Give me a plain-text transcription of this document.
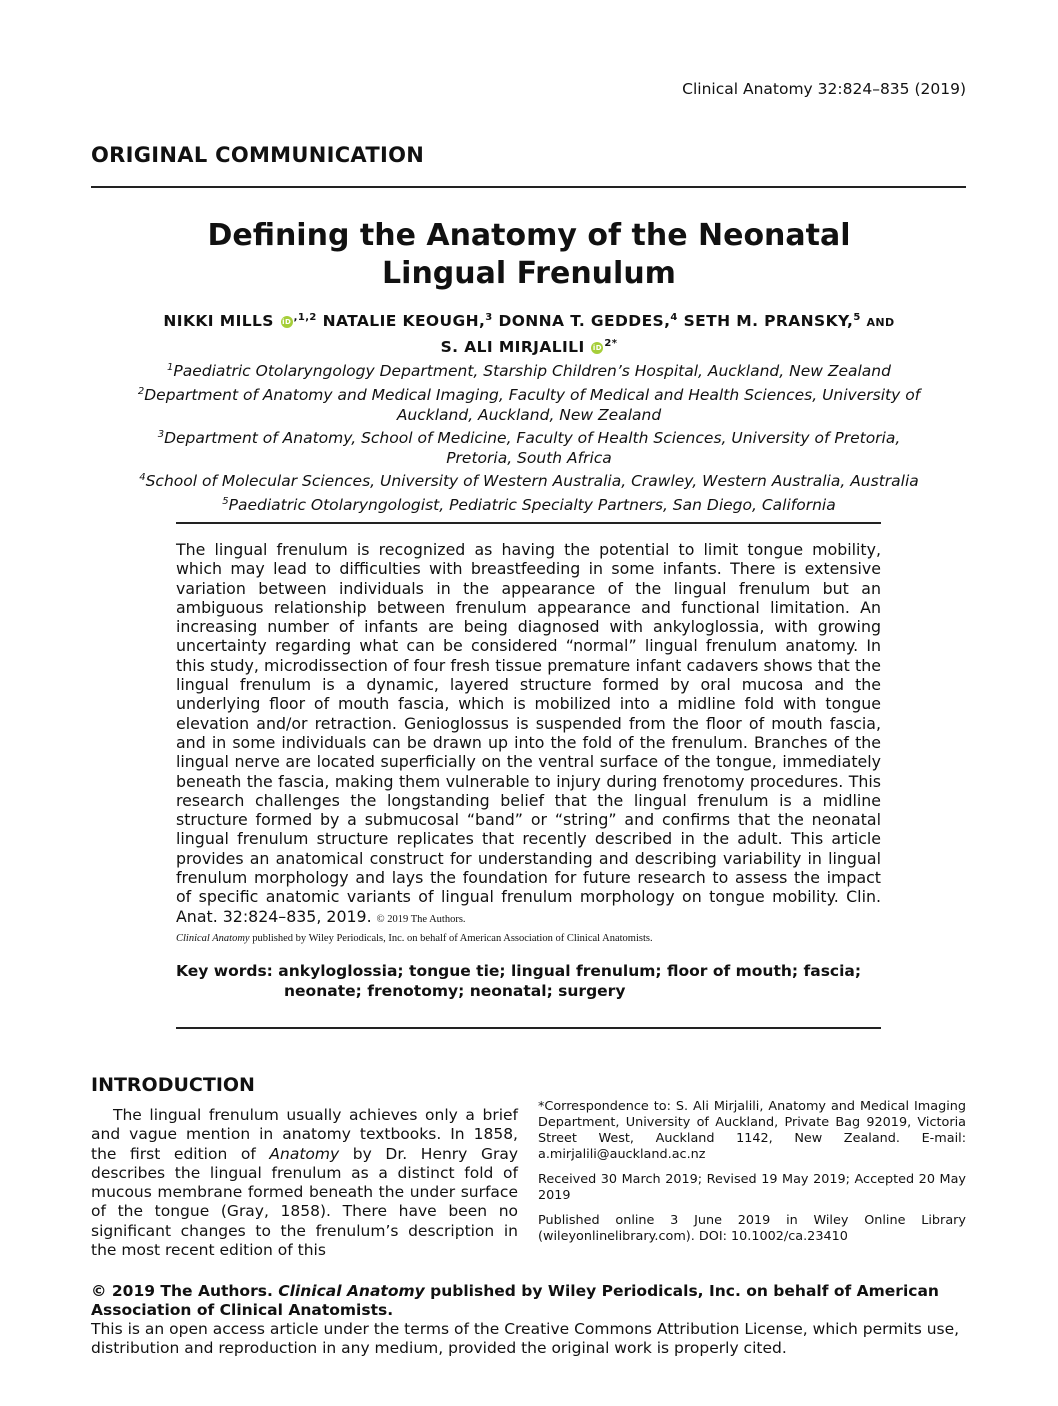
Clinical Anatomy 32:824–835 (2019)
ORIGINAL COMMUNICATION
Defining the Anatomy of the Neonatal
Lingual Frenulum
NIKKI MILLS iD $^{,1,2}$ NATALIE KEOUGH,$^3$ DONNA T. GEDDES,$^4$ SETH M. PRANSKY,$^5$ AND
S. ALI MIRJALILI iD $^{2*}$
$^1$Paediatric Otolaryngology Department, Starship Children’s Hospital, Auckland, New Zealand
$^2$Department of Anatomy and Medical Imaging, Faculty of Medical and Health Sciences, University of Auckland, Auckland, New Zealand
$^3$Department of Anatomy, School of Medicine, Faculty of Health Sciences, University of Pretoria, Pretoria, South Africa
$^4$School of Molecular Sciences, University of Western Australia, Crawley, Western Australia, Australia
$^5$Paediatric Otolaryngologist, Pediatric Specialty Partners, San Diego, California
The lingual frenulum is recognized as having the potential to limit tongue mobility, which may lead to difficulties with breastfeeding in some infants. There is extensive variation between individuals in the appearance of the lingual frenulum but an ambiguous relationship between frenulum appearance and functional limitation. An increasing number of infants are being diagnosed with ankyloglossia, with growing uncertainty regarding what can be considered “normal” lingual frenulum anatomy. In this study, microdissection of four fresh tissue premature infant cadavers shows that the lingual frenulum is a dynamic, layered structure formed by oral mucosa and the underlying floor of mouth fascia, which is mobilized into a midline fold with tongue elevation and/or retraction. Genioglossus is suspended from the floor of mouth fascia, and in some individuals can be drawn up into the fold of the frenulum. Branches of the lingual nerve are located superficially on the ventral surface of the tongue, immediately beneath the fascia, making them vulnerable to injury during frenotomy procedures. This research challenges the longstanding belief that the lingual frenulum is a midline structure formed by a submucosal “band” or “string” and confirms that the neonatal lingual frenulum structure replicates that recently described in the adult. This article provides an anatomical construct for understanding and describing variability in lingual frenulum morphology and lays the foundation for future research to assess the impact of specific anatomic variants of lingual frenulum morphology on tongue mobility. Clin. Anat. 32:824–835, 2019. © 2019 The Authors.
Clinical Anatomy published by Wiley Periodicals, Inc. on behalf of American Association of Clinical Anatomists.
Key words: ankyloglossia; tongue tie; lingual frenulum; floor of mouth; fascia;
neonate; frenotomy; neonatal; surgery
INTRODUCTION
The lingual frenulum usually achieves only a brief and vague mention in anatomy textbooks. In 1858, the first edition of Anatomy by Dr. Henry Gray describes the lingual frenulum as a distinct fold of mucous membrane formed beneath the under surface of the tongue (Gray, 1858). There have been no significant changes to the frenulum’s description in the most recent edition of this
*Correspondence to: S. Ali Mirjalili, Anatomy and Medical Imaging Department, University of Auckland, Private Bag 92019, Victoria Street West, Auckland 1142, New Zealand. E-mail: a.mirjalili@auckland.ac.nz
Received 30 March 2019; Revised 19 May 2019; Accepted 20 May 2019
Published online 3 June 2019 in Wiley Online Library (wileyonlinelibrary.com). DOI: 10.1002/ca.23410
© 2019 The Authors. Clinical Anatomy published by Wiley Periodicals, Inc. on behalf of American Association of Clinical Anatomists.
This is an open access article under the terms of the Creative Commons Attribution License, which permits use, distribution and reproduction in any medium, provided the original work is properly cited.
